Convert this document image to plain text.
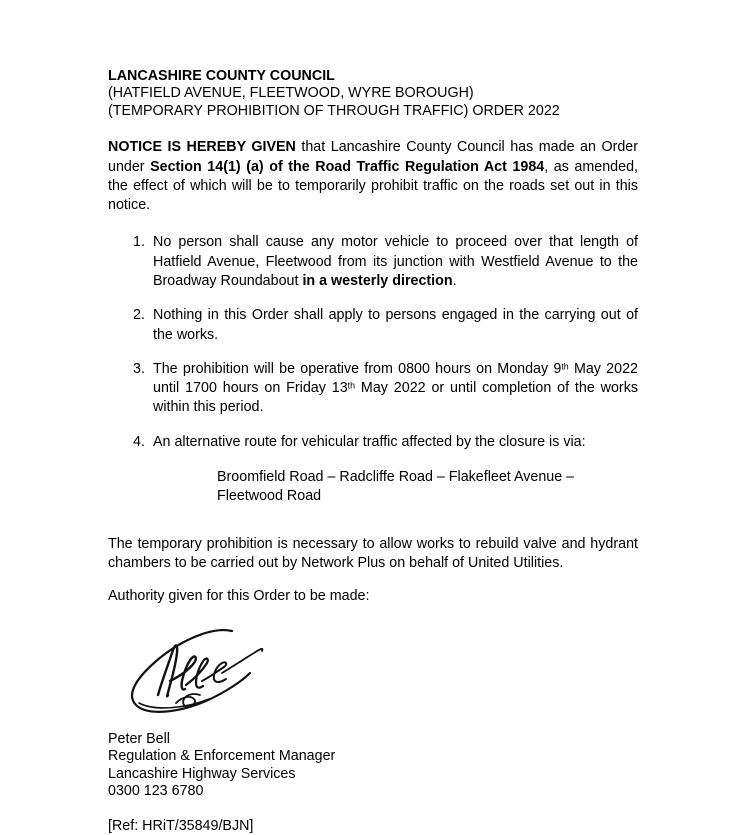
LANCASHIRE COUNTY COUNCIL
(HATFIELD AVENUE, FLEETWOOD, WYRE BOROUGH)
(TEMPORARY PROHIBITION OF THROUGH TRAFFIC) ORDER 2022

NOTICE IS HEREBY GIVEN that Lancashire County Council has made an Order under Section 14(1) (a) of the Road Traffic Regulation Act 1984, as amended, the effect of which will be to temporarily prohibit traffic on the roads set out in this notice.

1. No person shall cause any motor vehicle to proceed over that length of Hatfield Avenue, Fleetwood from its junction with Westfield Avenue to the Broadway Roundabout in a westerly direction.
2. Nothing in this Order shall apply to persons engaged in the carrying out of the works.
3. The prohibition will be operative from 0800 hours on Monday 9th May 2022 until 1700 hours on Friday 13th May 2022 or until completion of the works within this period.
4. An alternative route for vehicular traffic affected by the closure is via:
Broomfield Road – Radcliffe Road – Flakefleet Avenue –
Fleetwood Road

The temporary prohibition is necessary to allow works to rebuild valve and hydrant chambers to be carried out by Network Plus on behalf of United Utilities.

Authority given for this Order to be made:

Peter Bell
Regulation & Enforcement Manager
Lancashire Highway Services
0300 123 6780
[Ref: HRiT/35849/BJN]
